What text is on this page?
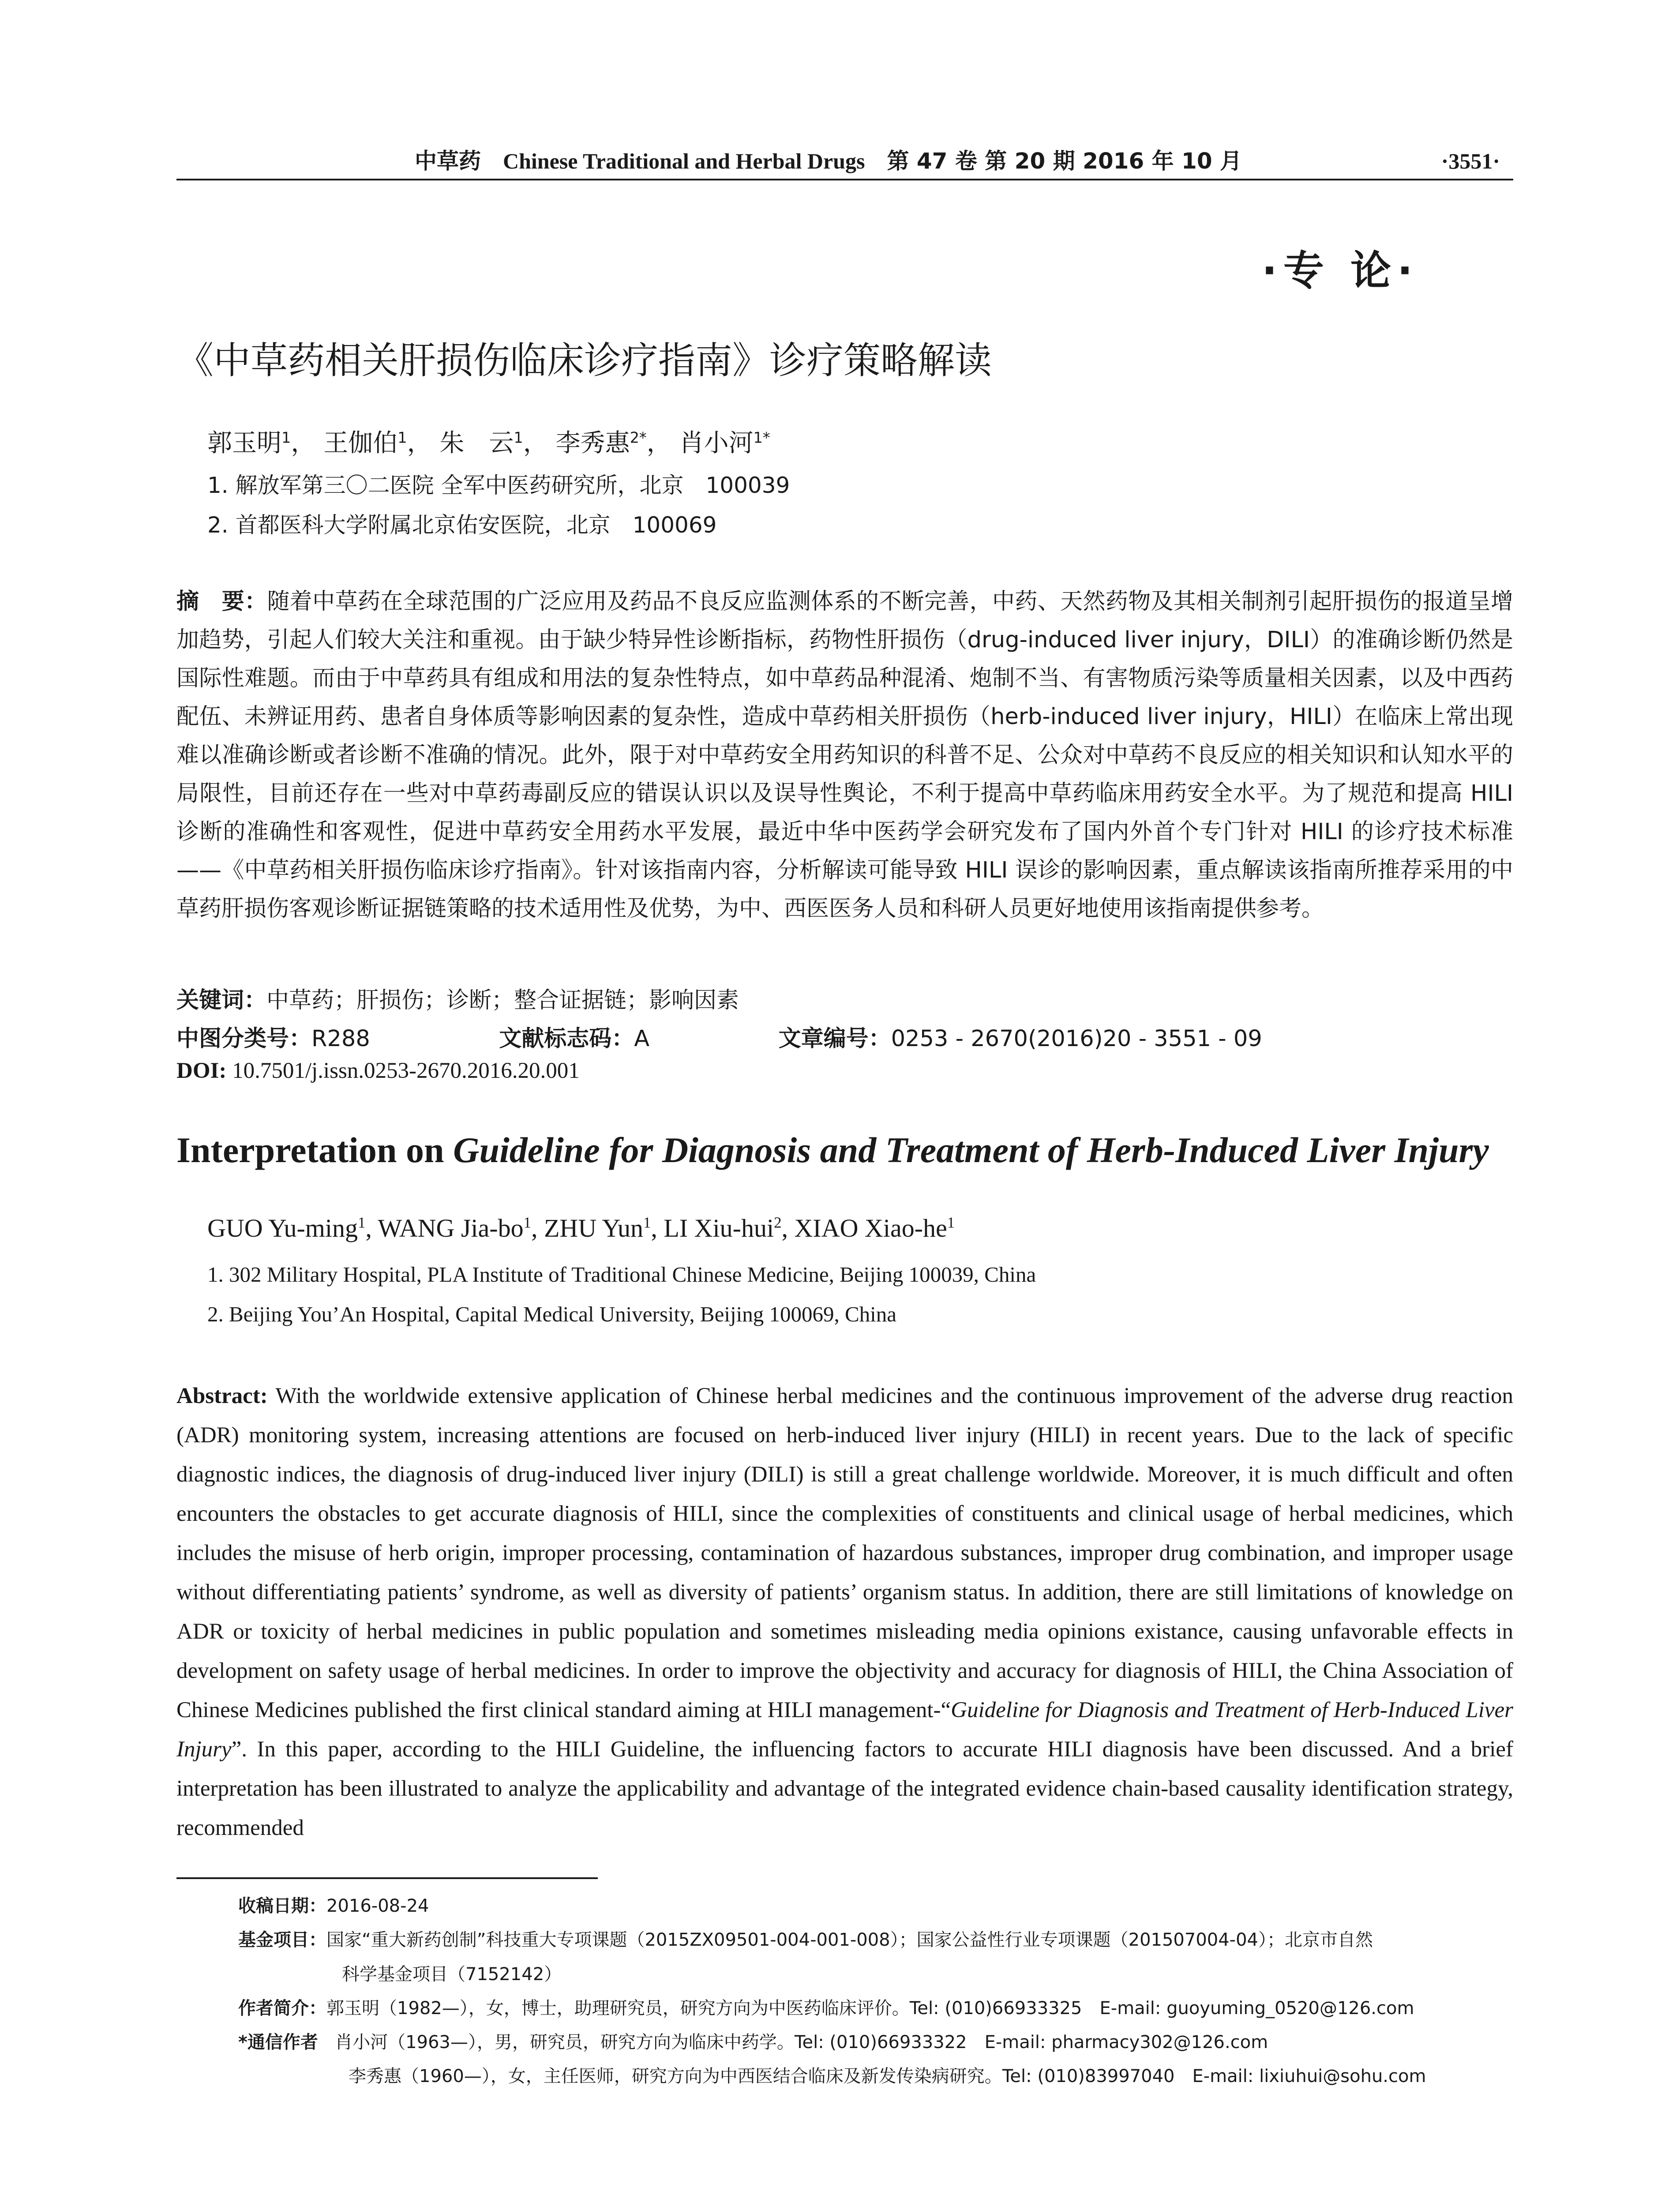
中草药 Chinese Traditional and Herbal Drugs 第 47 卷 第 20 期 2016 年 10 月	·3551·
·专 论·
《中草药相关肝损伤临床诊疗指南》诊疗策略解读
郭玉明$^1$， 王伽伯$^1$， 朱　云$^1$， 李秀惠$^{2*}$， 肖小河$^{1*}$
1. 解放军第三〇二医院 全军中医药研究所，北京　100039
2. 首都医科大学附属北京佑安医院，北京　100069
摘　要：随着中草药在全球范围的广泛应用及药品不良反应监测体系的不断完善，中药、天然药物及其相关制剂引起肝损伤的报道呈增加趋势，引起人们较大关注和重视。由于缺少特异性诊断指标，药物性肝损伤（drug-induced liver injury，DILI）的准确诊断仍然是国际性难题。而由于中草药具有组成和用法的复杂性特点，如中草药品种混淆、炮制不当、有害物质污染等质量相关因素，以及中西药配伍、未辨证用药、患者自身体质等影响因素的复杂性，造成中草药相关肝损伤（herb-induced liver injury，HILI）在临床上常出现难以准确诊断或者诊断不准确的情况。此外，限于对中草药安全用药知识的科普不足、公众对中草药不良反应的相关知识和认知水平的局限性，目前还存在一些对中草药毒副反应的错误认识以及误导性舆论，不利于提高中草药临床用药安全水平。为了规范和提高 HILI 诊断的准确性和客观性，促进中草药安全用药水平发展，最近中华中医药学会研究发布了国内外首个专门针对 HILI 的诊疗技术标准——《中草药相关肝损伤临床诊疗指南》。针对该指南内容，分析解读可能导致 HILI 误诊的影响因素，重点解读该指南所推荐采用的中草药肝损伤客观诊断证据链策略的技术适用性及优势，为中、西医医务人员和科研人员更好地使用该指南提供参考。
关键词：中草药；肝损伤；诊断；整合证据链；影响因素
中图分类号：R288	文献标志码：A	文章编号：0253 - 2670(2016)20 - 3551 - 09
DOI: 10.7501/j.issn.0253-2670.2016.20.001
Interpretation on Guideline for Diagnosis and Treatment of Herb-Induced Liver Injury
GUO Yu-ming$^1$, WANG Jia-$bo^1$, ZHU Yun$^1$, LI Xiu-hui$^2$, XIAO Xiao-$he^1$
1. 302 Military Hospital, PLA Institute of Traditional Chinese Medicine, Beijing 100039, China
2. Beijing You’An Hospital, Capital Medical University, Beijing 100069, China
Abstract: With the worldwide extensive application of Chinese herbal medicines and the continuous improvement of the adverse drug reaction (ADR) monitoring system, increasing attentions are focused on herb-induced liver injury (HILI) in recent years. Due to the lack of specific diagnostic indices, the diagnosis of drug-induced liver injury (DILI) is still a great challenge worldwide. Moreover, it is much difficult and often encounters the obstacles to get accurate diagnosis of HILI, since the complexities of constituents and clinical usage of herbal medicines, which includes the misuse of herb origin, improper processing, contamination of hazardous substances, improper drug combination, and improper usage without differentiating patients’ syndrome, as well as diversity of patients’ organism status. In addition, there are still limitations of knowledge on ADR or toxicity of herbal medicines in public population and sometimes misleading media opinions existance, causing unfavorable effects in development on safety usage of herbal medicines. In order to improve the objectivity and accuracy for diagnosis of HILI, the China Association of Chinese Medicines published the first clinical standard aiming at HILI management-“Guideline for Diagnosis and Treatment of Herb-Induced Liver Injury”. In this paper, according to the HILI Guideline, the influencing factors to accurate HILI diagnosis have been discussed. And a brief interpretation has been illustrated to analyze the applicability and advantage of the integrated evidence chain-based causality identification strategy, recommended
收稿日期：2016-08-24
基金项目：国家“重大新药创制”科技重大专项课题（2015ZX09501-004-001-008）；国家公益性行业专项课题（201507004-04）；北京市自然
科学基金项目（7152142）
作者简介：郭玉明（1982—），女，博士，助理研究员，研究方向为中医药临床评价。Tel: (010)66933325　E-mail: guoyuming_0520@126.com
*通信作者 肖小河（1963—），男，研究员，研究方向为临床中药学。Tel: (010)66933322　E-mail: pharmacy302@126.com
李秀惠（1960—），女，主任医师，研究方向为中西医结合临床及新发传染病研究。Tel: (010)83997040　E-mail: lixiuhui@sohu.com
